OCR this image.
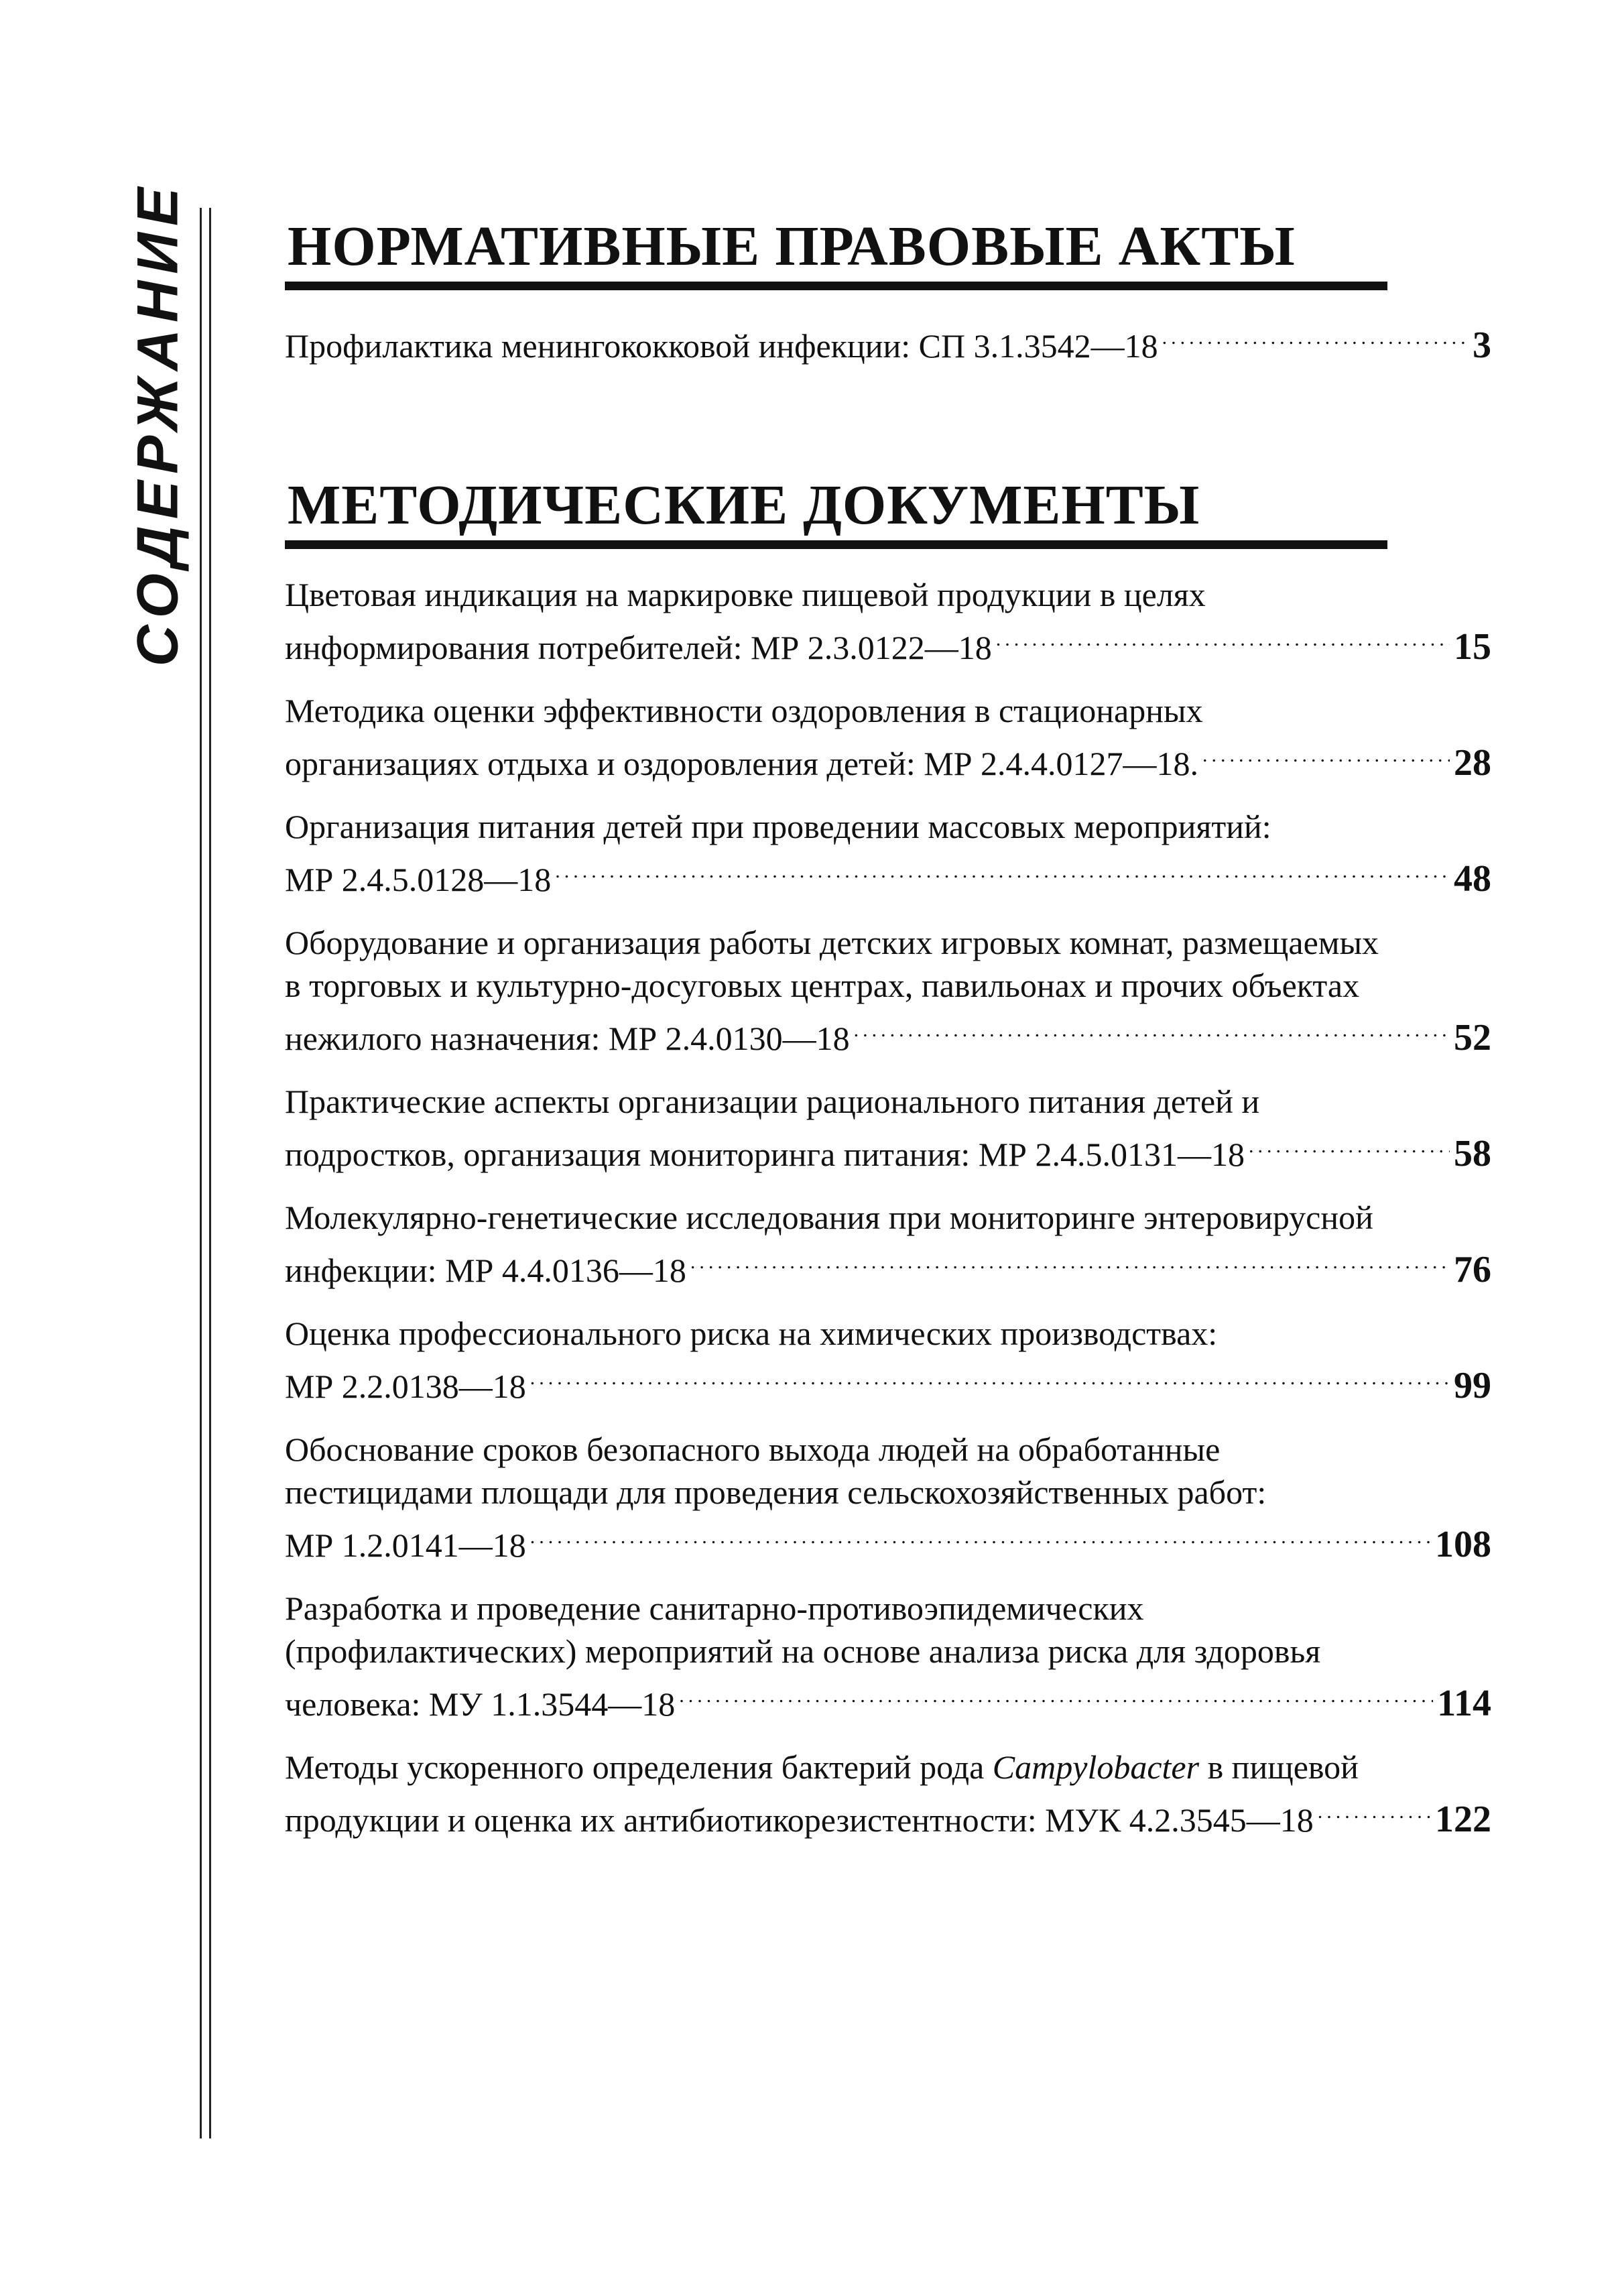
СОДЕРЖАНИЕ НОРМАТИВНЫЕ ПРАВОВЫЕ АКТЫ
Профилактика менингококковой инфекции: СП 3.1.3542—18 .....	3
МЕТОДИЧЕСКИЕ ДОКУМЕНТЫ
Цветовая индикация на маркировке пищевой продукции в целях
информирования потребителей: МР 2.3.0122—18 .....	15
Методика оценки эффективности оздоровления в стационарных
организациях отдыха и оздоровления детей: МР 2.4.4.0127—18. .....	28
Организация питания детей при проведении массовых мероприятий:
МР 2.4.5.0128—18 .....	48
Оборудование и организация работы детских игровых комнат, размещаемых
в торговых и культурно-досуговых центрах, павильонах и прочих объектах
нежилого назначения: МР 2.4.0130—18 .....	52
Практические аспекты организации рационального питания детей и
подростков, организация мониторинга питания: МР 2.4.5.0131—18 .....	58
Молекулярно-генетические исследования при мониторинге энтеровирусной
инфекции: МР 4.4.0136—18 .....	76
Оценка профессионального риска на химических производствах:
МР 2.2.0138—18 .....	99
Обоснование сроков безопасного выхода людей на обработанные
пестицидами площади для проведения сельскохозяйственных работ:
МР 1.2.0141—18 .....	108
Разработка и проведение санитарно-противоэпидемических
(профилактических) мероприятий на основе анализа риска для здоровья
человека: МУ 1.1.3544—18 .....	114
Методы ускоренного определения бактерий рода Campylobacter в пищевой
продукции и оценка их антибиотикорезистентности: МУК 4.2.3545—18 .....	122
